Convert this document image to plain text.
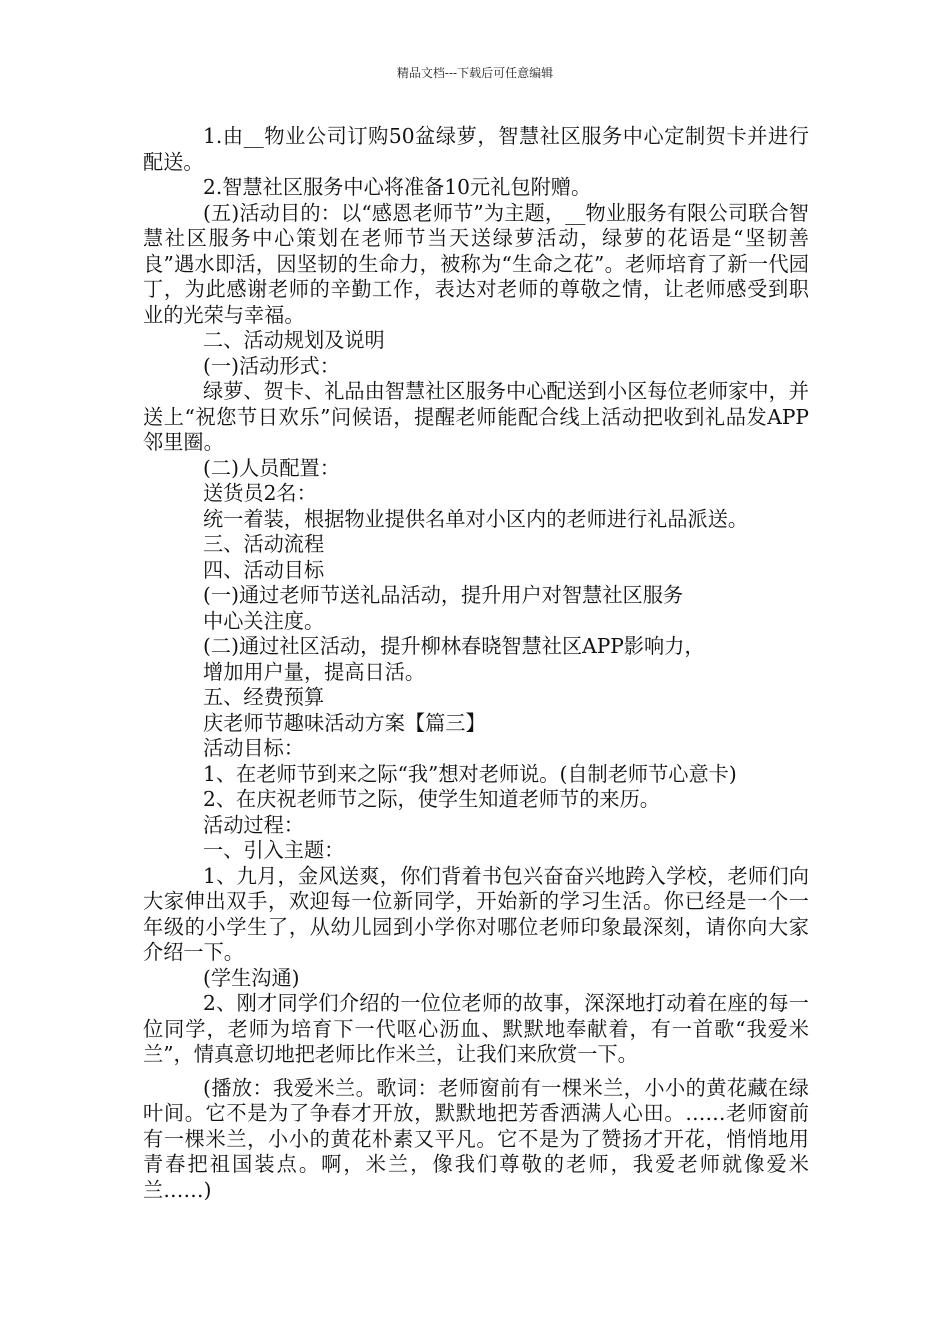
精品文档---下载后可任意编辑

1.由__物业公司订购50盆绿萝，智慧社区服务中心定制贺卡并进行配送。

2.智慧社区服务中心将准备10元礼包附赠。

(五)活动目的：以“感恩老师节”为主题，__物业服务有限公司联合智慧社区服务中心策划在老师节当天送绿萝活动，绿萝的花语是“坚韧善良”遇水即活，因坚韧的生命力，被称为“生命之花”。老师培育了新一代园丁，为此感谢老师的辛勤工作，表达对老师的尊敬之情，让老师感受到职业的光荣与幸福。

二、活动规划及说明

(一)活动形式：

绿萝、贺卡、礼品由智慧社区服务中心配送到小区每位老师家中，并送上“祝您节日欢乐”问候语，提醒老师能配合线上活动把收到礼品发APP邻里圈。

(二)人员配置：

送货员2名：

统一着装，根据物业提供名单对小区内的老师进行礼品派送。

三、活动流程

四、活动目标

(一)通过老师节送礼品活动，提升用户对智慧社区服务

中心关注度。

(二)通过社区活动，提升柳林春晓智慧社区APP影响力，

增加用户量，提高日活。

五、经费预算

庆老师节趣味活动方案【篇三】

活动目标：

1、在老师节到来之际“我”想对老师说。(自制老师节心意卡)

2、在庆祝老师节之际，使学生知道老师节的来历。

活动过程：

一、引入主题：

1、九月，金风送爽，你们背着书包兴奋奋兴地跨入学校，老师们向大家伸出双手，欢迎每一位新同学，开始新的学习生活。你已经是一个一年级的小学生了，从幼儿园到小学你对哪位老师印象最深刻，请你向大家介绍一下。

(学生沟通)

2、刚才同学们介绍的一位位老师的故事，深深地打动着在座的每一位同学，老师为培育下一代呕心沥血、默默地奉献着，有一首歌“我爱米兰”，情真意切地把老师比作米兰，让我们来欣赏一下。

(播放：我爱米兰。歌词：老师窗前有一棵米兰，小小的黄花藏在绿叶间。它不是为了争春才开放，默默地把芳香洒满人心田。……老师窗前有一棵米兰，小小的黄花朴素又平凡。它不是为了赞扬才开花，悄悄地用青春把祖国装点。啊，米兰，像我们尊敬的老师，我爱老师就像爱米兰……)
